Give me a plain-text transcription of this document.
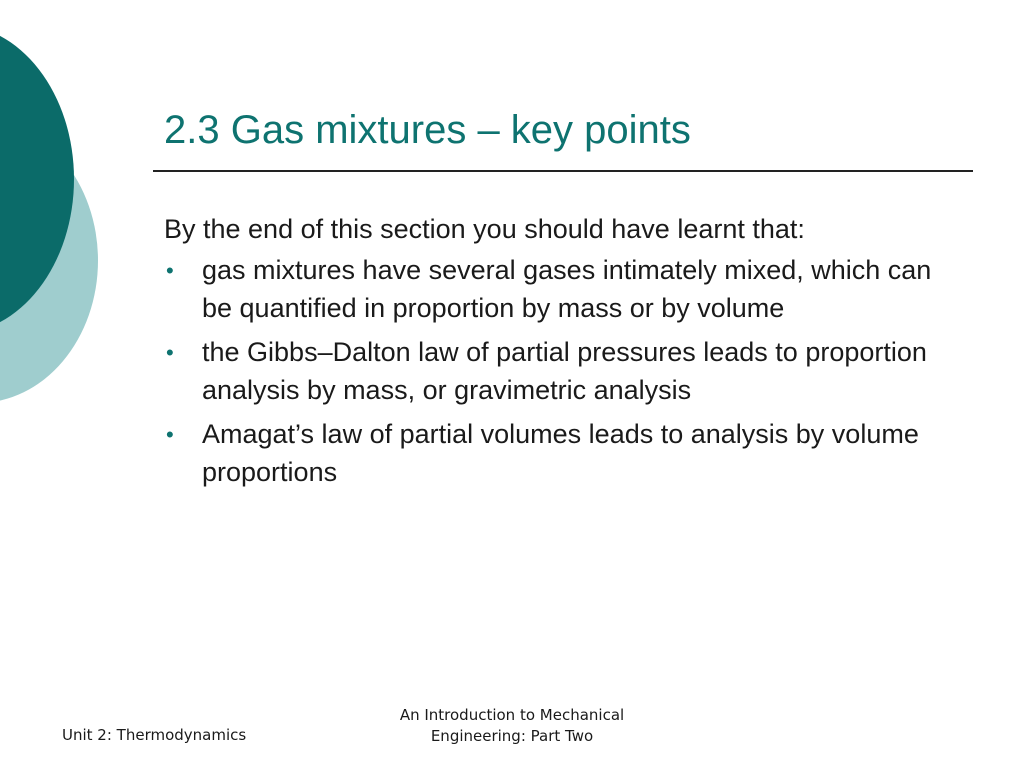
2.3 Gas mixtures – key points

By the end of this section you should have learnt that:

• gas mixtures have several gases intimately mixed, which can be quantified in proportion by mass or by volume
• the Gibbs–Dalton law of partial pressures leads to proportion analysis by mass, or gravimetric analysis
• Amagat’s law of partial volumes leads to analysis by volume proportions
Unit 2: Thermodynamics
An Introduction to Mechanical
Engineering: Part Two
